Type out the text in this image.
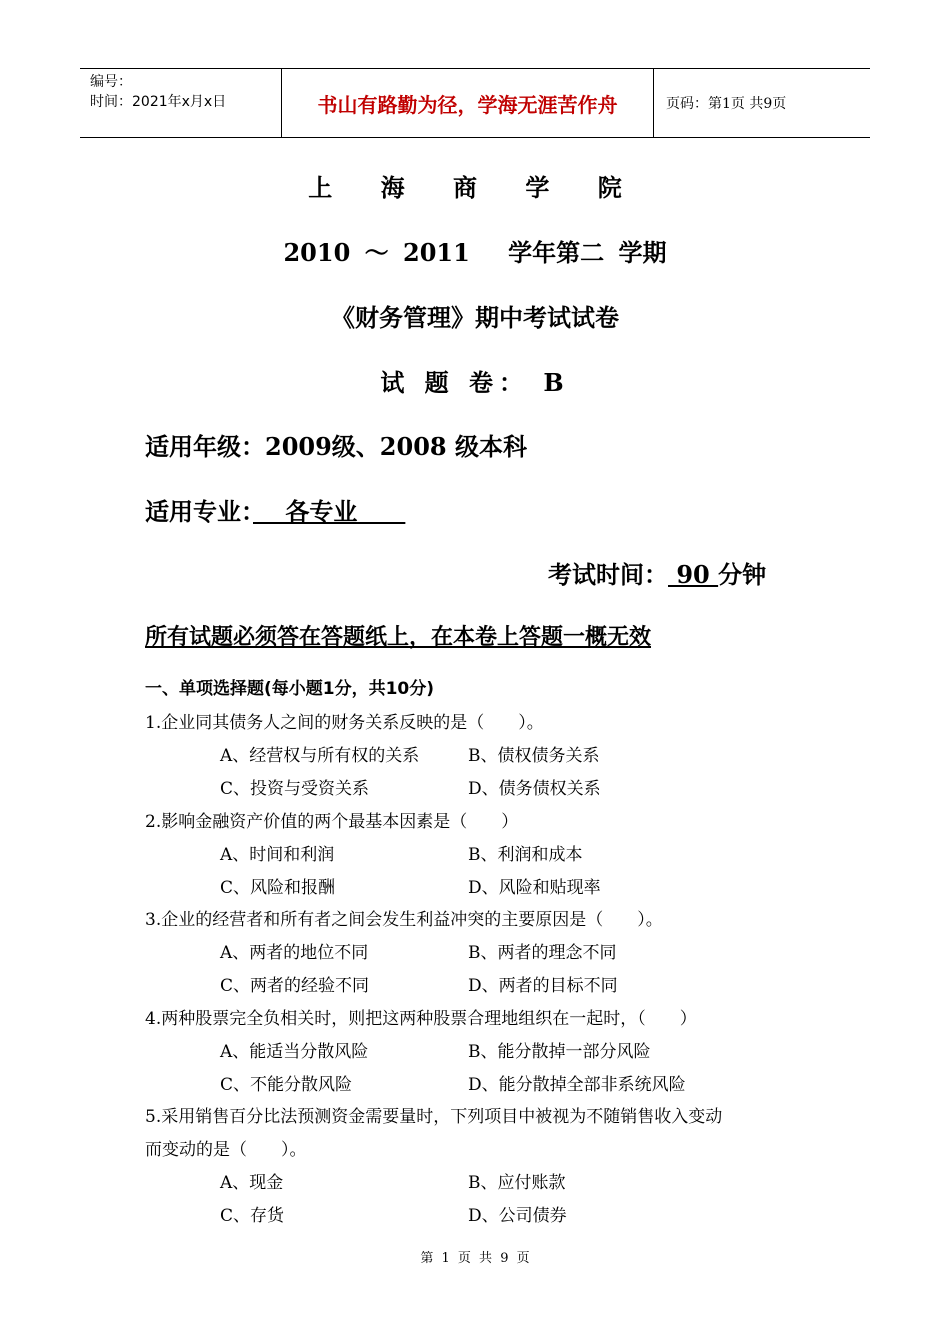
编号：
时间：2021年x月x日	书山有路勤为径，学海无涯苦作舟	页码：第1页 共9页
上 海 商 学 院
2010 ～ 2011　 学年第二 学期
《财务管理》期中考试试卷
试 题 卷： B
适用年级：2009级、2008 级本科
适用专业：　 各专业　　
考试时间： 90 分钟
所有试题必须答在答题纸上，在本卷上答题一概无效
一、单项选择题(每小题1分，共10分)
1.企业同其债务人之间的财务关系反映的是（　　）。
A、经营权与所有权的关系	B、债权债务关系
C、投资与受资关系	D、债务债权关系
2.影响金融资产价值的两个最基本因素是（　　）
A、时间和利润	B、利润和成本
C、风险和报酬	D、风险和贴现率
3.企业的经营者和所有者之间会发生利益冲突的主要原因是（　　）。
A、两者的地位不同	B、两者的理念不同
C、两者的经验不同	D、两者的目标不同
4.两种股票完全负相关时，则把这两种股票合理地组织在一起时，（　　）
A、能适当分散风险	B、能分散掉一部分风险
C、不能分散风险	D、能分散掉全部非系统风险
5.采用销售百分比法预测资金需要量时，下列项目中被视为不随销售收入变动
而变动的是（　　）。
A、现金	B、应付账款
C、存货	D、公司债券
第 1 页 共 9 页
